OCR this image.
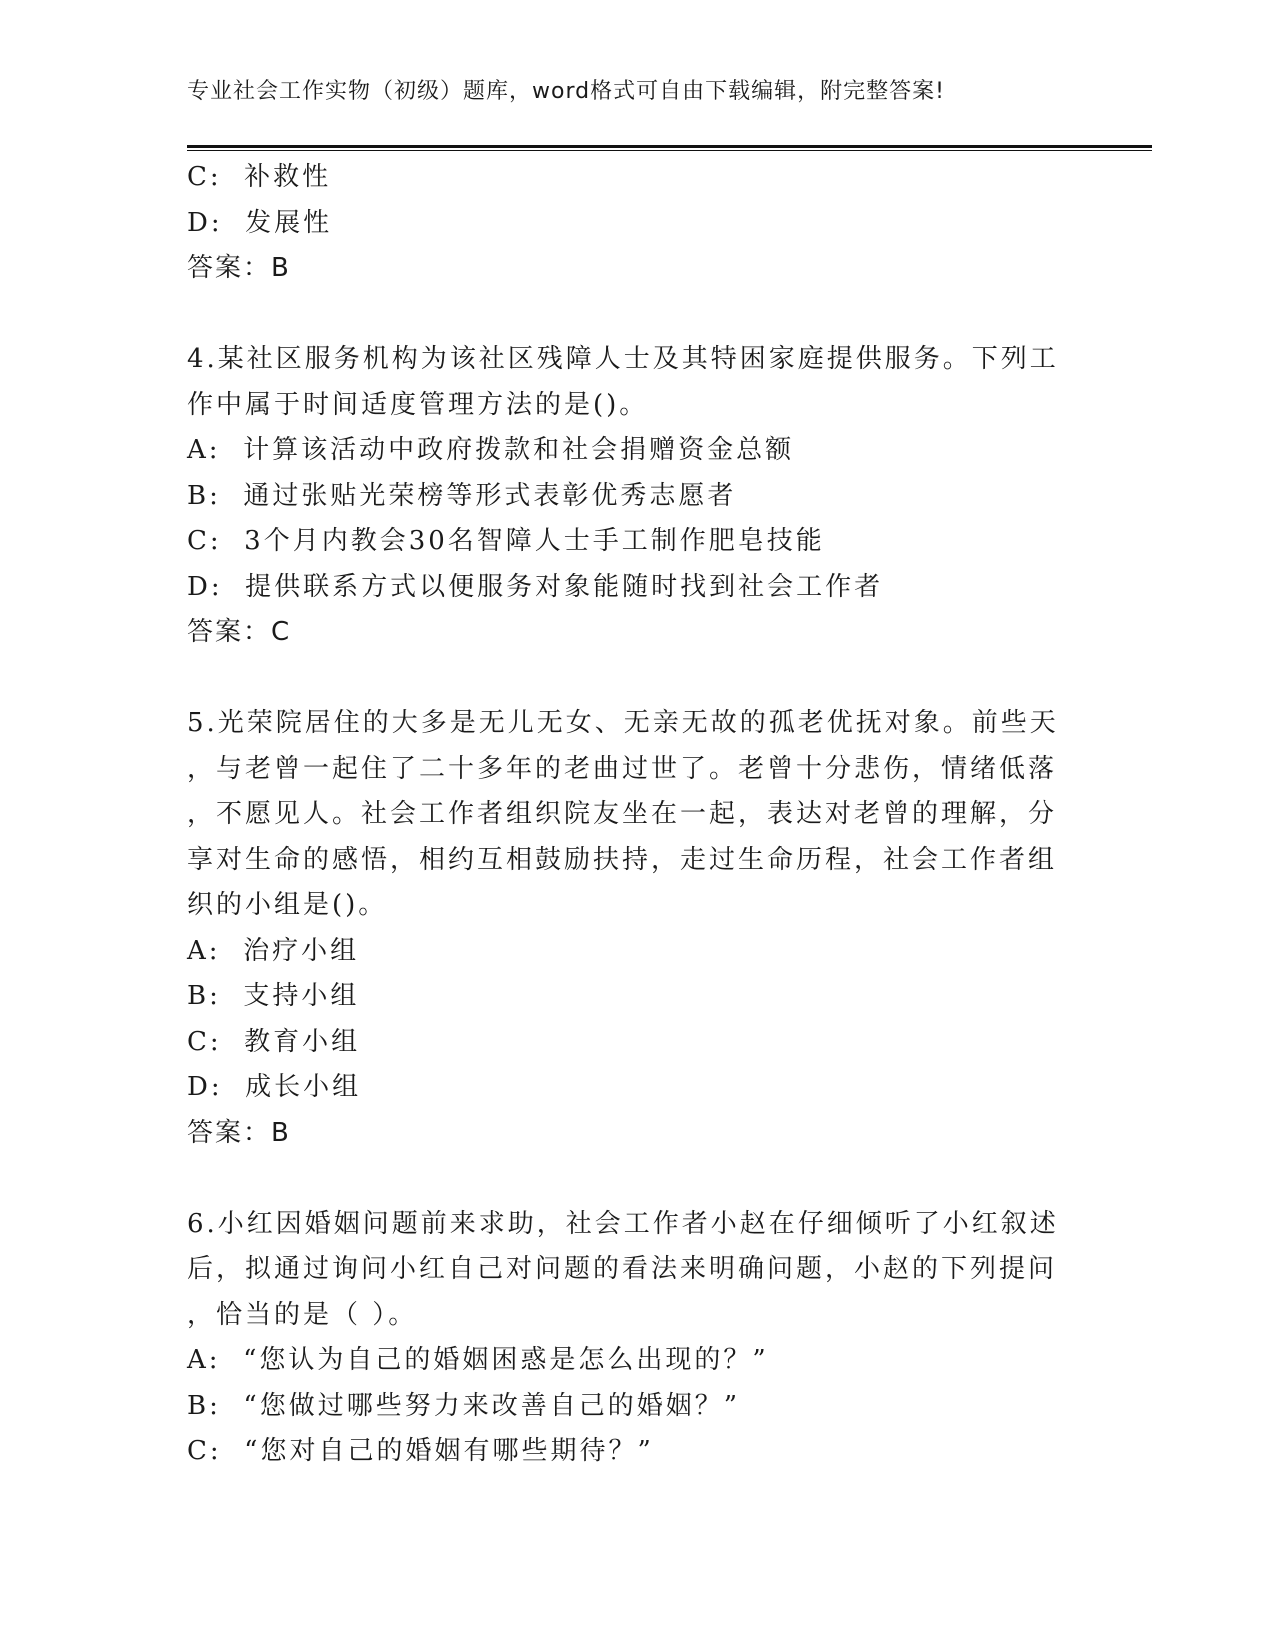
专业社会工作实物（初级）题库，word格式可自由下载编辑，附完整答案!

C:  补救性

D:  发展性

答案：B

4.某社区服务机构为该社区残障人士及其特困家庭提供服务。下列工

作中属于时间适度管理方法的是()。

A:  计算该活动中政府拨款和社会捐赠资金总额

B:  通过张贴光荣榜等形式表彰优秀志愿者

C:  3个月内教会30名智障人士手工制作肥皂技能

D:  提供联系方式以便服务对象能随时找到社会工作者

答案：C

5.光荣院居住的大多是无儿无女、无亲无故的孤老优抚对象。前些天

，与老曾一起住了二十多年的老曲过世了。老曾十分悲伤，情绪低落

，不愿见人。社会工作者组织院友坐在一起，表达对老曾的理解，分

享对生命的感悟，相约互相鼓励扶持，走过生命历程，社会工作者组

织的小组是()。

A:  治疗小组

B:  支持小组

C:  教育小组

D:  成长小组

答案：B

6.小红因婚姻问题前来求助，社会工作者小赵在仔细倾听了小红叙述

后，拟通过询问小红自己对问题的看法来明确问题，小赵的下列提问

，恰当的是（ ）。

A:  “您认为自己的婚姻困惑是怎么出现的？”

B:  “您做过哪些努力来改善自己的婚姻？”

C:  “您对自己的婚姻有哪些期待？”
